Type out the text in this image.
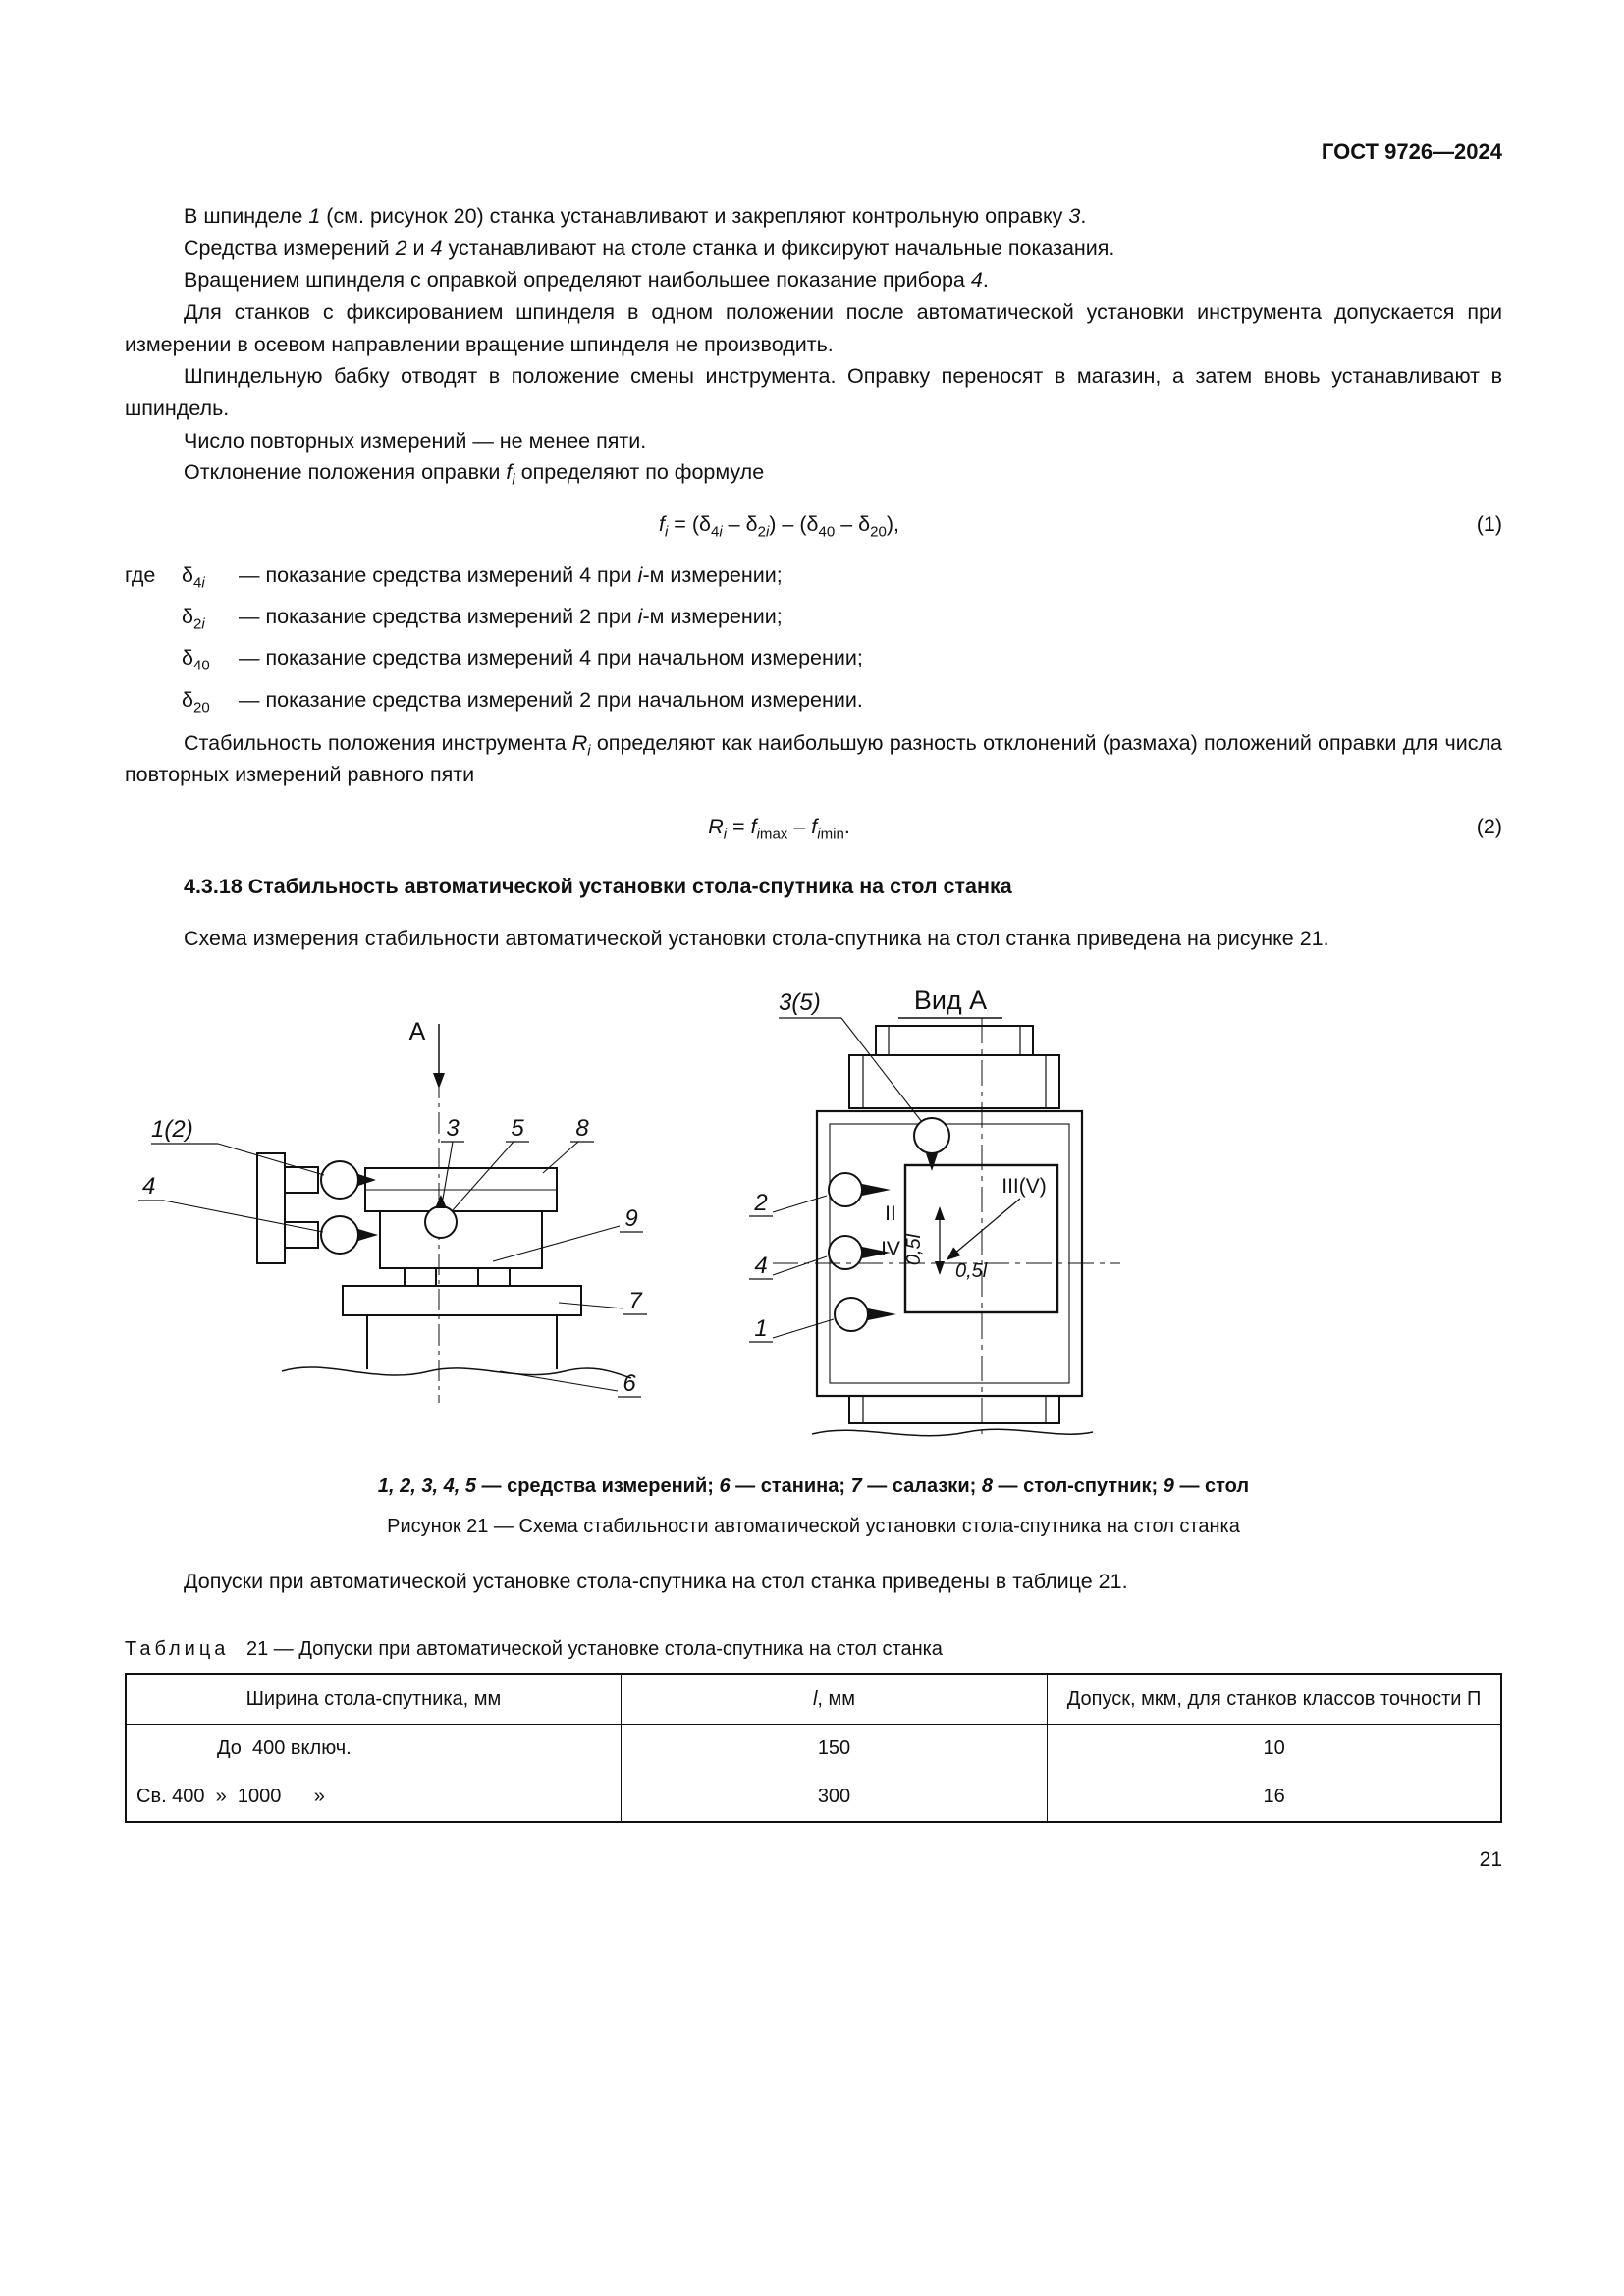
ГОСТ 9726—2024

В шпинделе 1 (см. рисунок 20) станка устанавливают и закрепляют контрольную оправку 3.

Средства измерений 2 и 4 устанавливают на столе станка и фиксируют начальные показания.

Вращением шпинделя с оправкой определяют наибольшее показание прибора 4.

Для станков с фиксированием шпинделя в одном положении после автоматической установки инструмента допускается при измерении в осевом направлении вращение шпинделя не производить.

Шпиндельную бабку отводят в положение смены инструмента. Оправку переносят в магазин, а затем вновь устанавливают в шпиндель.

Число повторных измерений — не менее пяти.

Отклонение положения оправки $f_i$ определяют по формуле

$f_i = (\delta_{4i} - \delta_{2i}) - (\delta_{40} - \delta_{20})$,	(1)
где	$\delta_{4i}$	— показание средства измерений 4 при i-м измерении;
$\delta_{2i}$	— показание средства измерений 2 при i-м измерении;
$\delta_{40}$	— показание средства измерений 4 при начальном измерении;
$\delta_{20}$	— показание средства измерений 2 при начальном измерении.

Стабильность положения инструмента $R_i$ определяют как наибольшую разность отклонений (размаха) положений оправки для числа повторных измерений равного пяти

$R_i = f_{imax} - f_{imin}$.	(2)
4.3.18 Стабильность автоматической установки стола-спутника на стол станка

Схема измерения стабильности автоматической установки стола-спутника на стол станка приведена на рисунке 21.

А
1(2)
4
3 5 8
9
7
6
Вид А
3(5)
2
4
1
II
IV
III(V)
0,5l
0,5l
1, 2, 3, 4, 5 — средства измерений; 6 — станина; 7 — салазки; 8 — стол-спутник; 9 — стол
Рисунок 21 — Схема стабильности автоматической установки стола-спутника на стол станка

Допуски при автоматической установке стола-спутника на стол станка приведены в таблице 21.

Таблица 21 — Допуски при автоматической установке стола-спутника на стол станка
Ширина стола-спутника, мм	l, мм	Допуск, мкм, для станков классов точности П
До  400 включ.	150	10
Св. 400  »  1000      »	300	16
21
